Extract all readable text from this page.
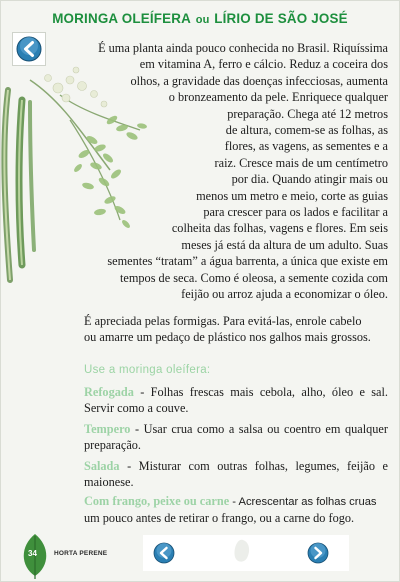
MORINGA OLEÍFERA ou LÍRIO DE SÃO JOSÉ
É uma planta ainda pouco conhecida no Brasil. Riquíssima
em vitamina A, ferro e cálcio. Reduz a coceira dos
olhos, a gravidade das doenças infecciosas, aumenta
o bronzeamento da pele. Enriquece qualquer
preparação. Chega até 12 metros
de altura, comem-se as folhas, as
flores, as vagens, as sementes e a
raiz. Cresce mais de um centímetro
por dia. Quando atingir mais ou
menos um metro e meio, corte as guias
para crescer para os lados e facilitar a
colheita das folhas, vagens e flores. Em seis
meses já está da altura de um adulto. Suas
sementes “tratam” a água barrenta, a única que existe em
tempos de seca. Como é oleosa, a semente cozida com
feijão ou arroz ajuda a economizar o óleo.
É apreciada pelas formigas. Para evitá-las, enrole cabelo
ou amarre um pedaço de plástico nos galhos mais grossos.
Use a moringa oleífera:

Refogada - Folhas frescas mais cebola, alho, óleo e sal. Servir como a couve.

Tempero - Usar crua como a salsa ou coentro em qualquer preparação.

Salada - Misturar com outras folhas, legumes, feijão e maionese.

Com frango, peixe ou carne - Acrescentar as folhas cruas
um pouco antes de retirar o frango, ou a carne do fogo.

34	HORTA PERENE
